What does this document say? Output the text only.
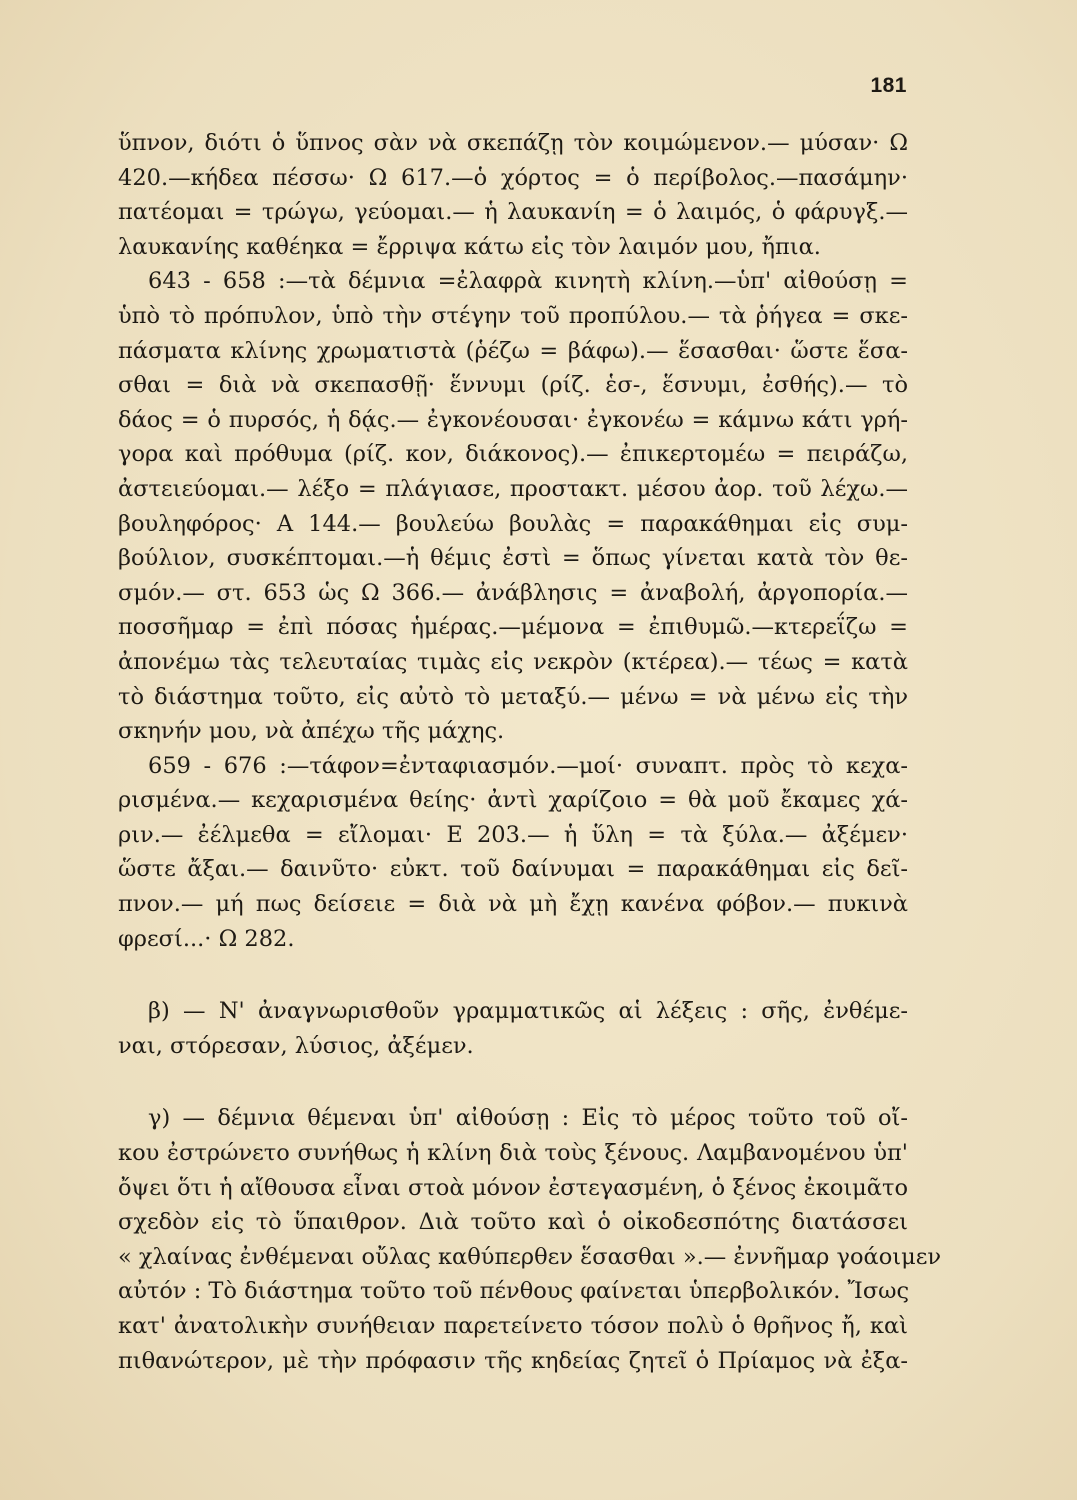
181
ὕπνον, διότι ὁ ὕπνος σὰν νὰ σκεπάζῃ τὸν κοιμώμενον.— μύσαν· Ω
420.—κήδεα πέσσω· Ω 617.—ὁ χόρτος = ὁ περίβολος.—πασάμην·
πατέομαι = τρώγω, γεύομαι.— ἡ λαυκανίη = ὁ λαιμός, ὁ φάρυγξ.—
λαυκανίης καθέηκα = ἔρριψα κάτω εἰς τὸν λαιμόν μου, ἤπια.
643 - 658 :—τὰ δέμνια =ἐλαφρὰ κινητὴ κλίνη.—ὑπ' αἰθούσῃ =
ὑπὸ τὸ πρόπυλον, ὑπὸ τὴν στέγην τοῦ προπύλου.— τὰ ῥήγεα = σκε-
πάσματα κλίνης χρωματιστὰ (ῥέζω = βάφω).— ἕσασθαι· ὥστε ἕσα-
σθαι = διὰ νὰ σκεπασθῇ· ἕννυμι (ρίζ. ἑσ-, ἕσνυμι, ἐσθής).— τὸ
δάος = ὁ πυρσός, ἡ δᾴς.— ἐγκονέουσαι· ἐγκονέω = κάμνω κάτι γρή-
γορα καὶ πρόθυμα (ρίζ. κον, διάκονος).— ἐπικερτομέω = πειράζω,
ἀστειεύομαι.— λέξο = πλάγιασε, προστακτ. μέσου ἀορ. τοῦ λέχω.—
βουληφόρος· Α 144.— βουλεύω βουλὰς = παρακάθημαι εἰς συμ-
βούλιον, συσκέπτομαι.—ἡ θέμις ἐστὶ = ὅπως γίνεται κατὰ τὸν θε-
σμόν.— στ. 653 ὡς Ω 366.— ἀνάβλησις = ἀναβολή, ἀργοπορία.—
ποσσῆμαρ = ἐπὶ πόσας ἡμέρας.—μέμονα = ἐπιθυμῶ.—κτερεΐζω =
ἀπονέμω τὰς τελευταίας τιμὰς εἰς νεκρὸν (κτέρεα).— τέως = κατὰ
τὸ διάστημα τοῦτο, εἰς αὐτὸ τὸ μεταξύ.— μένω = νὰ μένω εἰς τὴν
σκηνήν μου, νὰ ἀπέχω τῆς μάχης.
659 - 676 :—τάφον=ἐνταφιασμόν.—μοί· συναπτ. πρὸς τὸ κεχα-
ρισμένα.— κεχαρισμένα θείης· ἀντὶ χαρίζοιο = θὰ μοῦ ἔκαμες χά-
ριν.— ἐέλμεθα = εἴλομαι· Ε 203.— ἡ ὕλη = τὰ ξύλα.— ἀξέμεν·
ὥστε ἄξαι.— δαινῦτο· εὐκτ. τοῦ δαίνυμαι = παρακάθημαι εἰς δεῖ-
πνον.— μή πως δείσειε = διὰ νὰ μὴ ἔχῃ κανένα φόβον.— πυκινὰ
φρεσί...· Ω 282.
β) — Ν' ἀναγνωρισθοῦν γραμματικῶς αἱ λέξεις : σῆς, ἐνθέμε-
ναι, στόρεσαν, λύσιος, ἀξέμεν.
γ) — δέμνια θέμεναι ὑπ' αἰθούσῃ : Εἰς τὸ μέρος τοῦτο τοῦ οἴ-
κου ἐστρώνετο συνήθως ἡ κλίνη διὰ τοὺς ξένους. Λαμβανομένου ὑπ'
ὄψει ὅτι ἡ αἴθουσα εἶναι στοὰ μόνον ἐστεγασμένη, ὁ ξένος ἐκοιμᾶτο
σχεδὸν εἰς τὸ ὕπαιθρον. Διὰ τοῦτο καὶ ὁ οἰκοδεσπότης διατάσσει
« χλαίνας ἐνθέμεναι οὔλας καθύπερθεν ἕσασθαι ».— ἐννῆμαρ γοάοιμεν
αὐτόν : Τὸ διάστημα τοῦτο τοῦ πένθους φαίνεται ὑπερβολικόν. Ἴσως
κατ' ἀνατολικὴν συνήθειαν παρετείνετο τόσον πολὺ ὁ θρῆνος ἤ, καὶ
πιθανώτερον, μὲ τὴν πρόφασιν τῆς κηδείας ζητεῖ ὁ Πρίαμος νὰ ἐξα-
